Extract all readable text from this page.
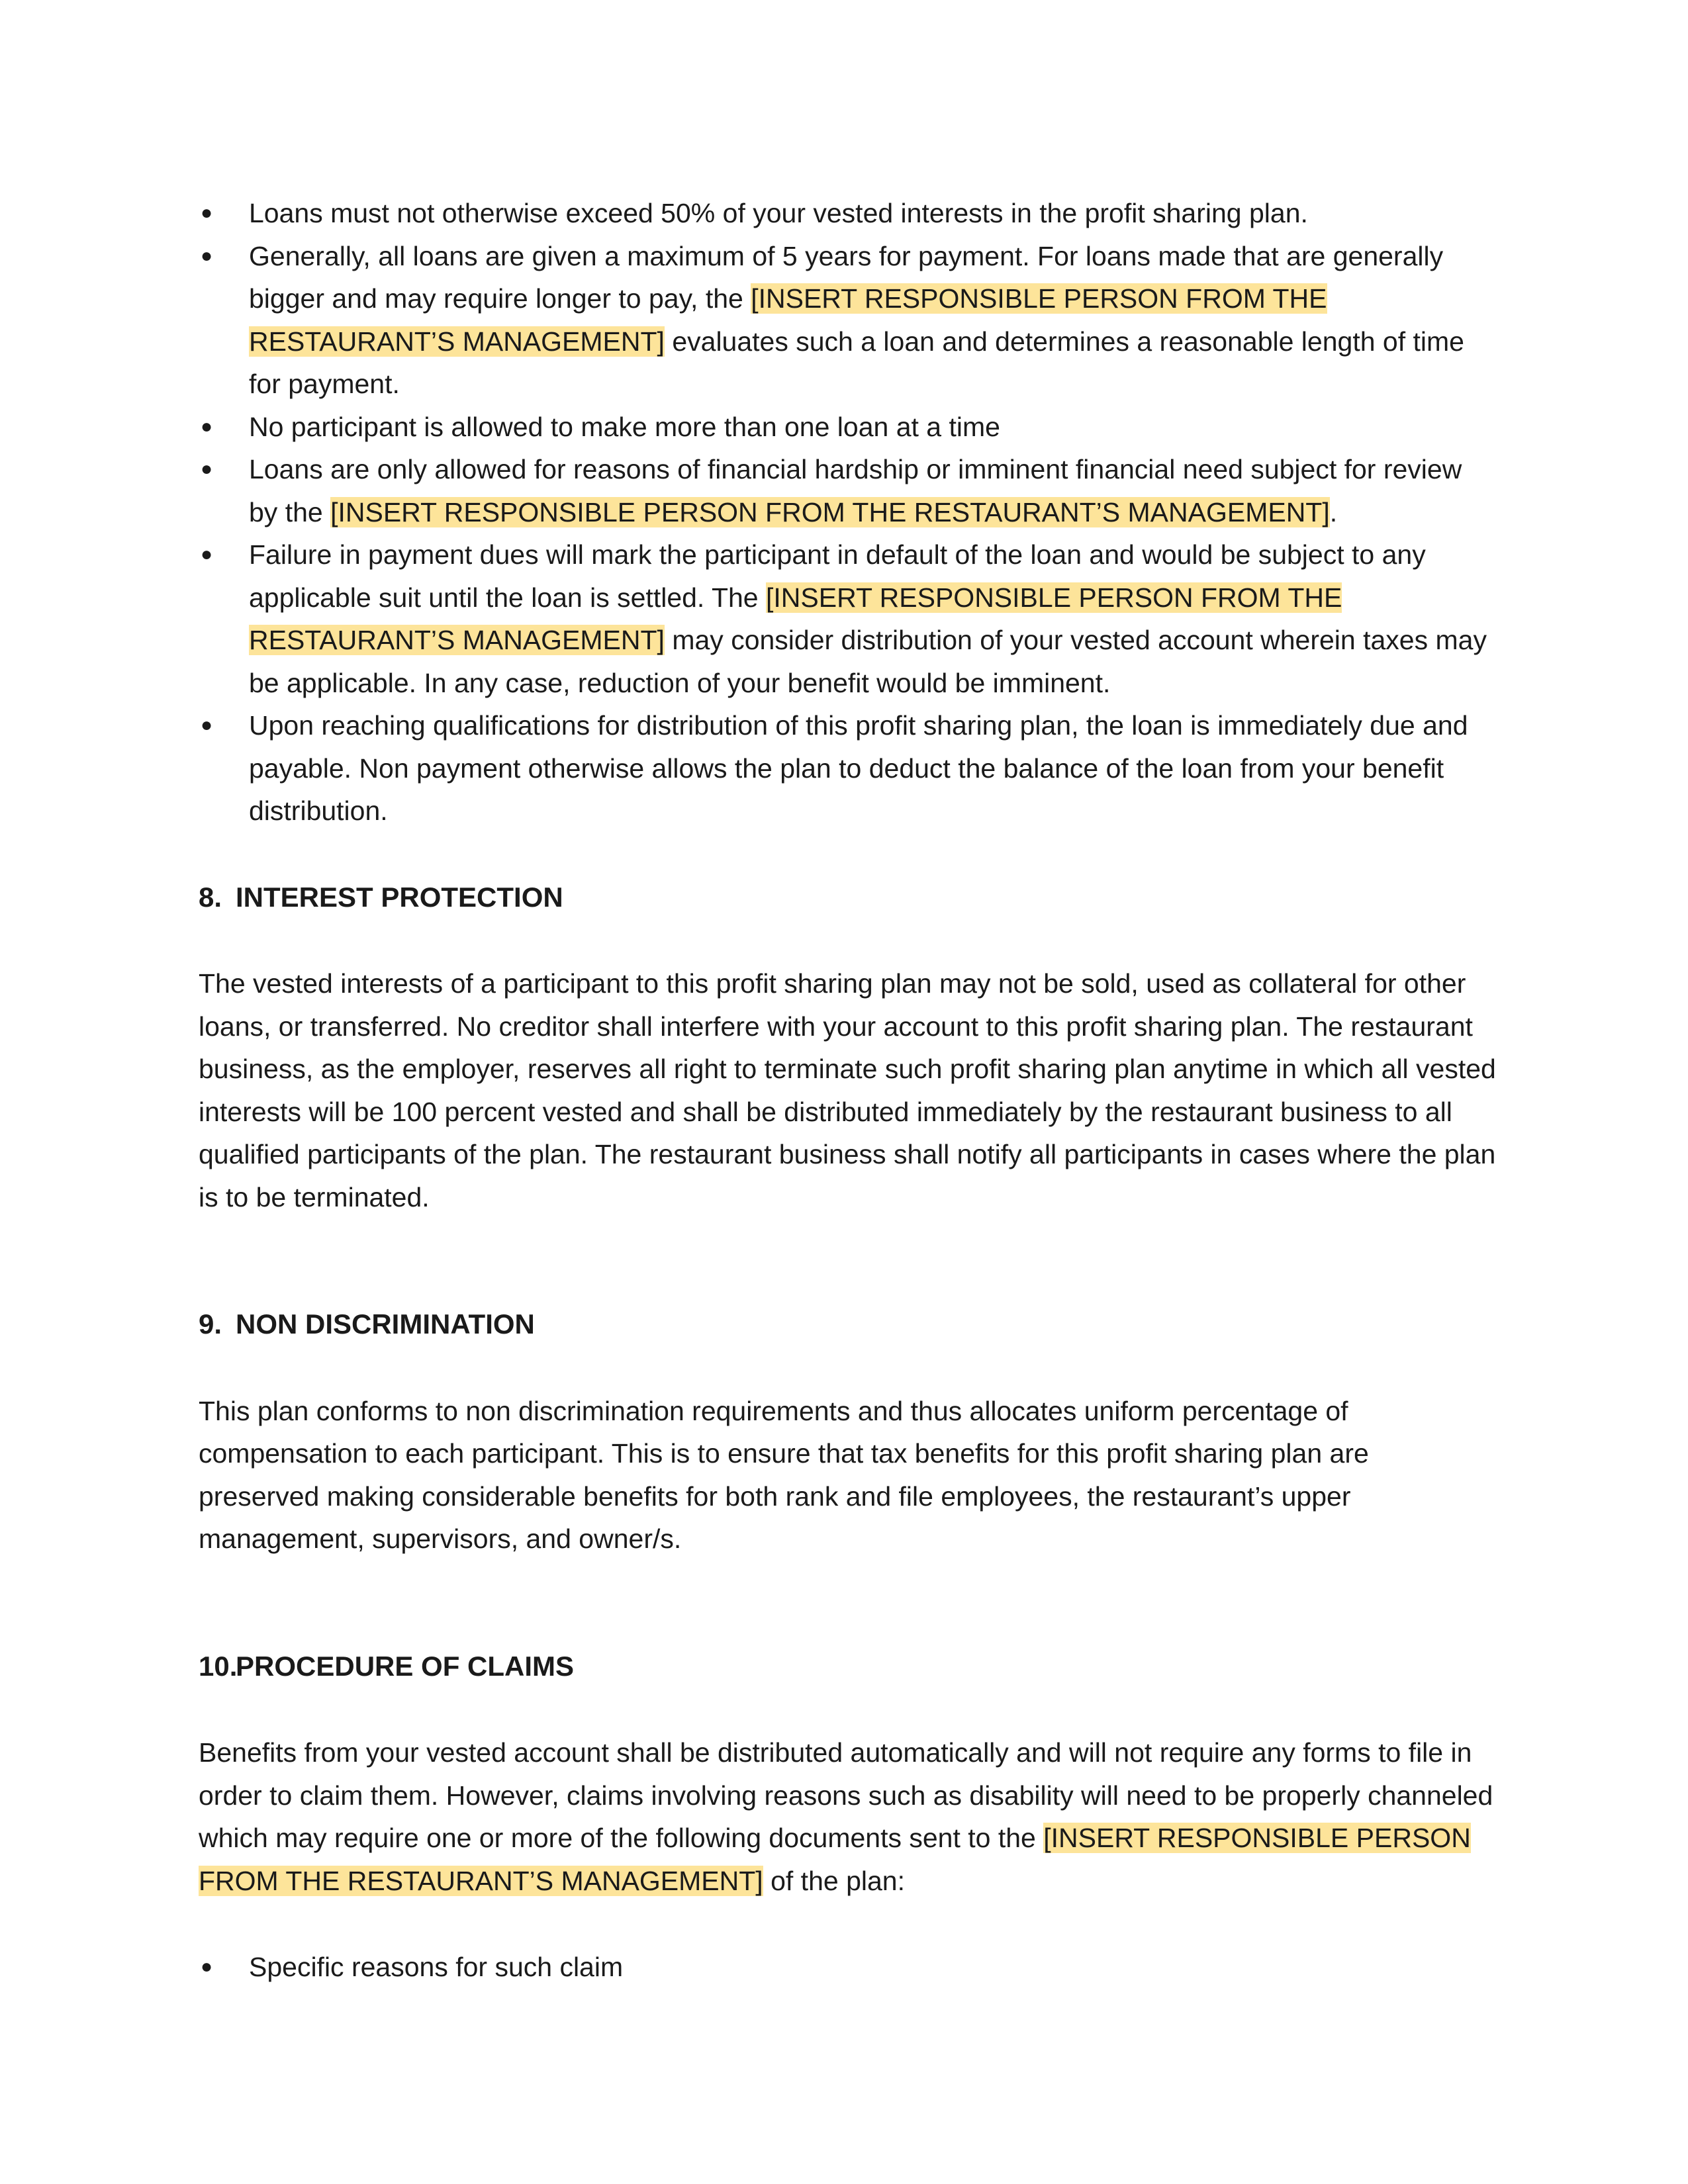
● Loans must not otherwise exceed 50% of your vested interests in the profit sharing plan.
● Generally, all loans are given a maximum of 5 years for payment. For loans made that are generally bigger and may require longer to pay, the [INSERT RESPONSIBLE PERSON FROM THE RESTAURANT’S MANAGEMENT] evaluates such a loan and determines a reasonable length of time for payment.
● No participant is allowed to make more than one loan at a time
● Loans are only allowed for reasons of financial hardship or imminent financial need subject for review by the [INSERT RESPONSIBLE PERSON FROM THE RESTAURANT’S MANAGEMENT].
● Failure in payment dues will mark the participant in default of the loan and would be subject to any applicable suit until the loan is settled. The [INSERT RESPONSIBLE PERSON FROM THE RESTAURANT’S MANAGEMENT] may consider distribution of your vested account wherein taxes may be applicable. In any case, reduction of your benefit would be imminent.
● Upon reaching qualifications for distribution of this profit sharing plan, the loan is immediately due and payable. Non payment otherwise allows the plan to deduct the balance of the loan from your benefit distribution.
8. INTEREST PROTECTION

The vested interests of a participant to this profit sharing plan may not be sold, used as collateral for other loans, or transferred. No creditor shall interfere with your account to this profit sharing plan. The restaurant business, as the employer, reserves all right to terminate such profit sharing plan anytime in which all vested interests will be 100 percent vested and shall be distributed immediately by the restaurant business to all qualified participants of the plan. The restaurant business shall notify all participants in cases where the plan is to be terminated.

9. NON DISCRIMINATION

This plan conforms to non discrimination requirements and thus allocates uniform percentage of compensation to each participant. This is to ensure that tax benefits for this profit sharing plan are preserved making considerable benefits for both rank and file employees, the restaurant’s upper management, supervisors, and owner/s.

10.PROCEDURE OF CLAIMS

Benefits from your vested account shall be distributed automatically and will not require any forms to file in order to claim them. However, claims involving reasons such as disability will need to be properly channeled which may require one or more of the following documents sent to the [INSERT RESPONSIBLE PERSON FROM THE RESTAURANT’S MANAGEMENT] of the plan:

● Specific reasons for such claim
